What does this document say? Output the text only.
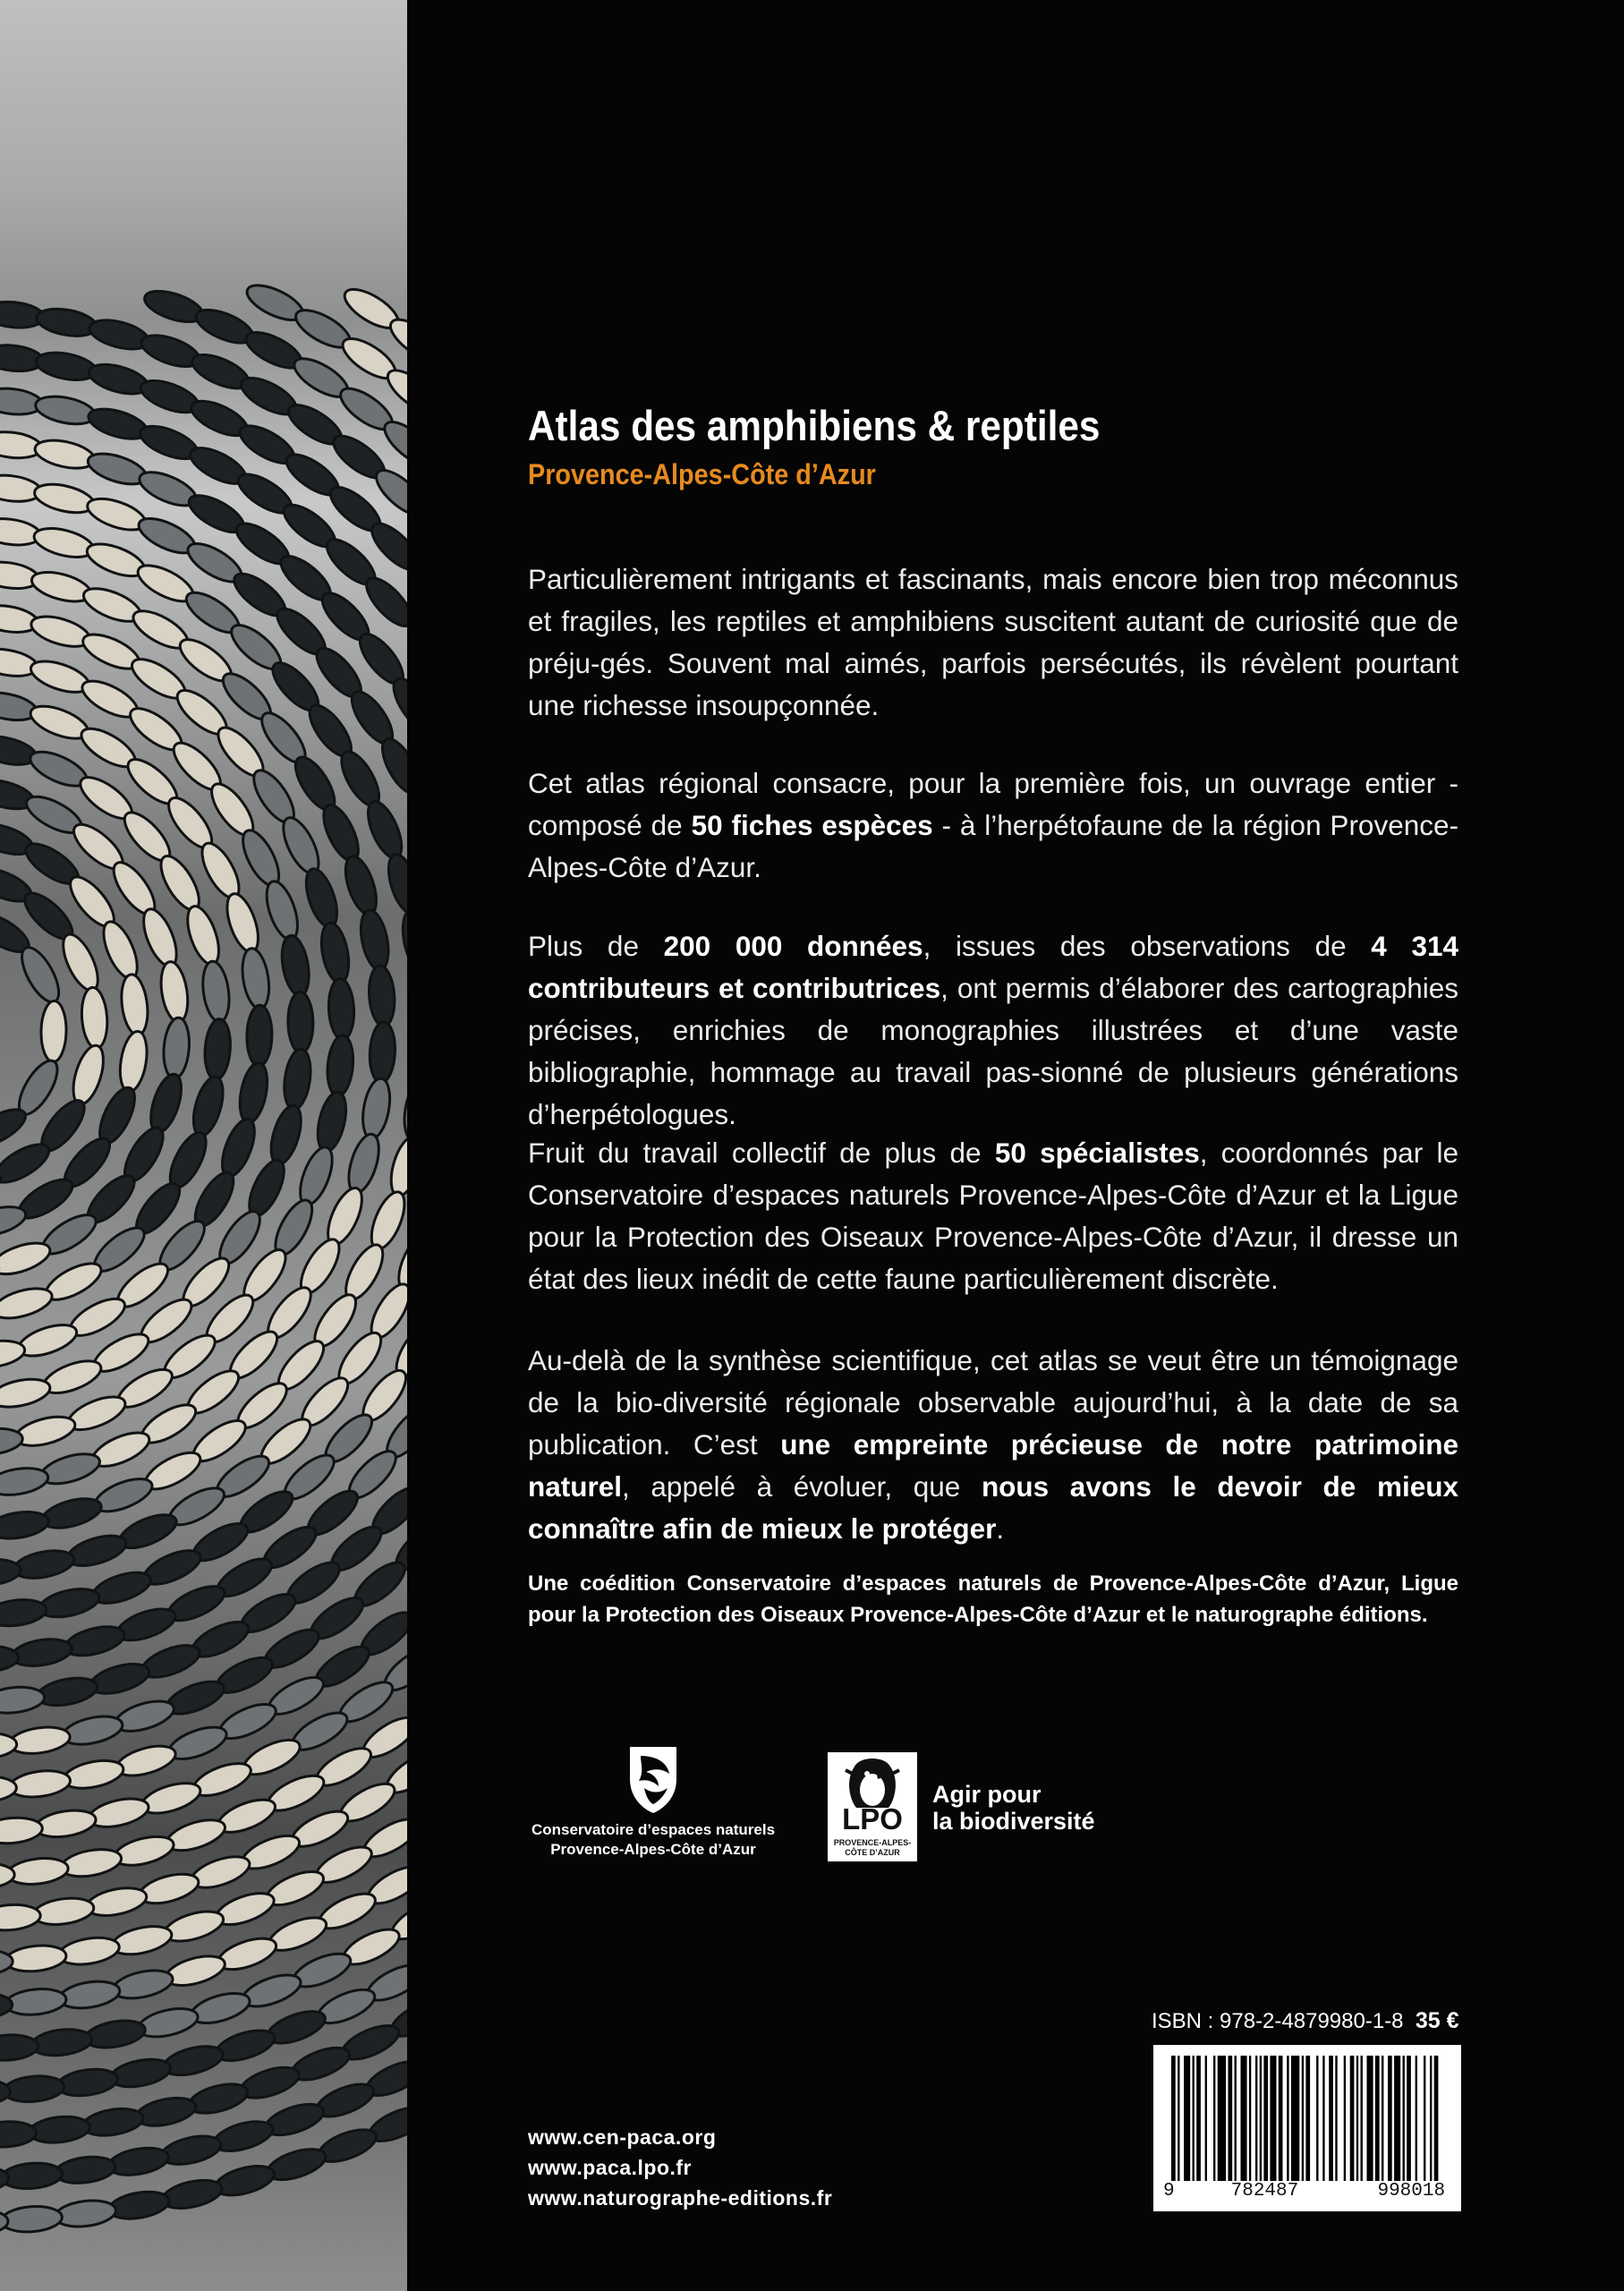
Atlas des amphibiens & reptiles
Provence-Alpes-Côte d’Azur

Particulièrement intrigants et fascinants, mais encore bien trop méconnus et fragiles, les reptiles et amphibiens suscitent autant de curiosité que de préju-gés. Souvent mal aimés, parfois persécutés, ils révèlent pourtant une richesse insoupçonnée.

Cet atlas régional consacre, pour la première fois, un ouvrage entier - composé de 50 fiches espèces - à l’herpétofaune de la région Provence-Alpes-Côte d’Azur.

Plus de 200 000 données, issues des observations de 4 314 contributeurs et contributrices, ont permis d’élaborer des cartographies précises, enrichies de monographies illustrées et d’une vaste bibliographie, hommage au travail pas-sionné de plusieurs générations d’herpétologues.

Fruit du travail collectif de plus de 50 spécialistes, coordonnés par le Conservatoire d’espaces naturels Provence-Alpes-Côte d’Azur et la Ligue pour la Protection des Oiseaux Provence-Alpes-Côte d’Azur, il dresse un état des lieux inédit de cette faune particulièrement discrète.

Au-delà de la synthèse scientifique, cet atlas se veut être un témoignage de la bio-diversité régionale observable aujourd’hui, à la date de sa publication. C’est une empreinte précieuse de notre patrimoine naturel, appelé à évoluer, que nous avons le devoir de mieux connaître afin de mieux le protéger.

Une coédition Conservatoire d’espaces naturels de Provence-Alpes-Côte d’Azur, Ligue pour la Protection des Oiseaux Provence-Alpes-Côte d’Azur et le naturographe éditions.
Conservatoire d’espaces naturels
Provence-Alpes-Côte d’Azur
LPO
PROVENCE-ALPES-
CÔTE D’AZUR
Agir pour
la biodiversité
ISBN : 978-2-4879980-1-8 35 €
9	782487	998018
www.cen-paca.org
www.paca.lpo.fr
www.naturographe-editions.fr
